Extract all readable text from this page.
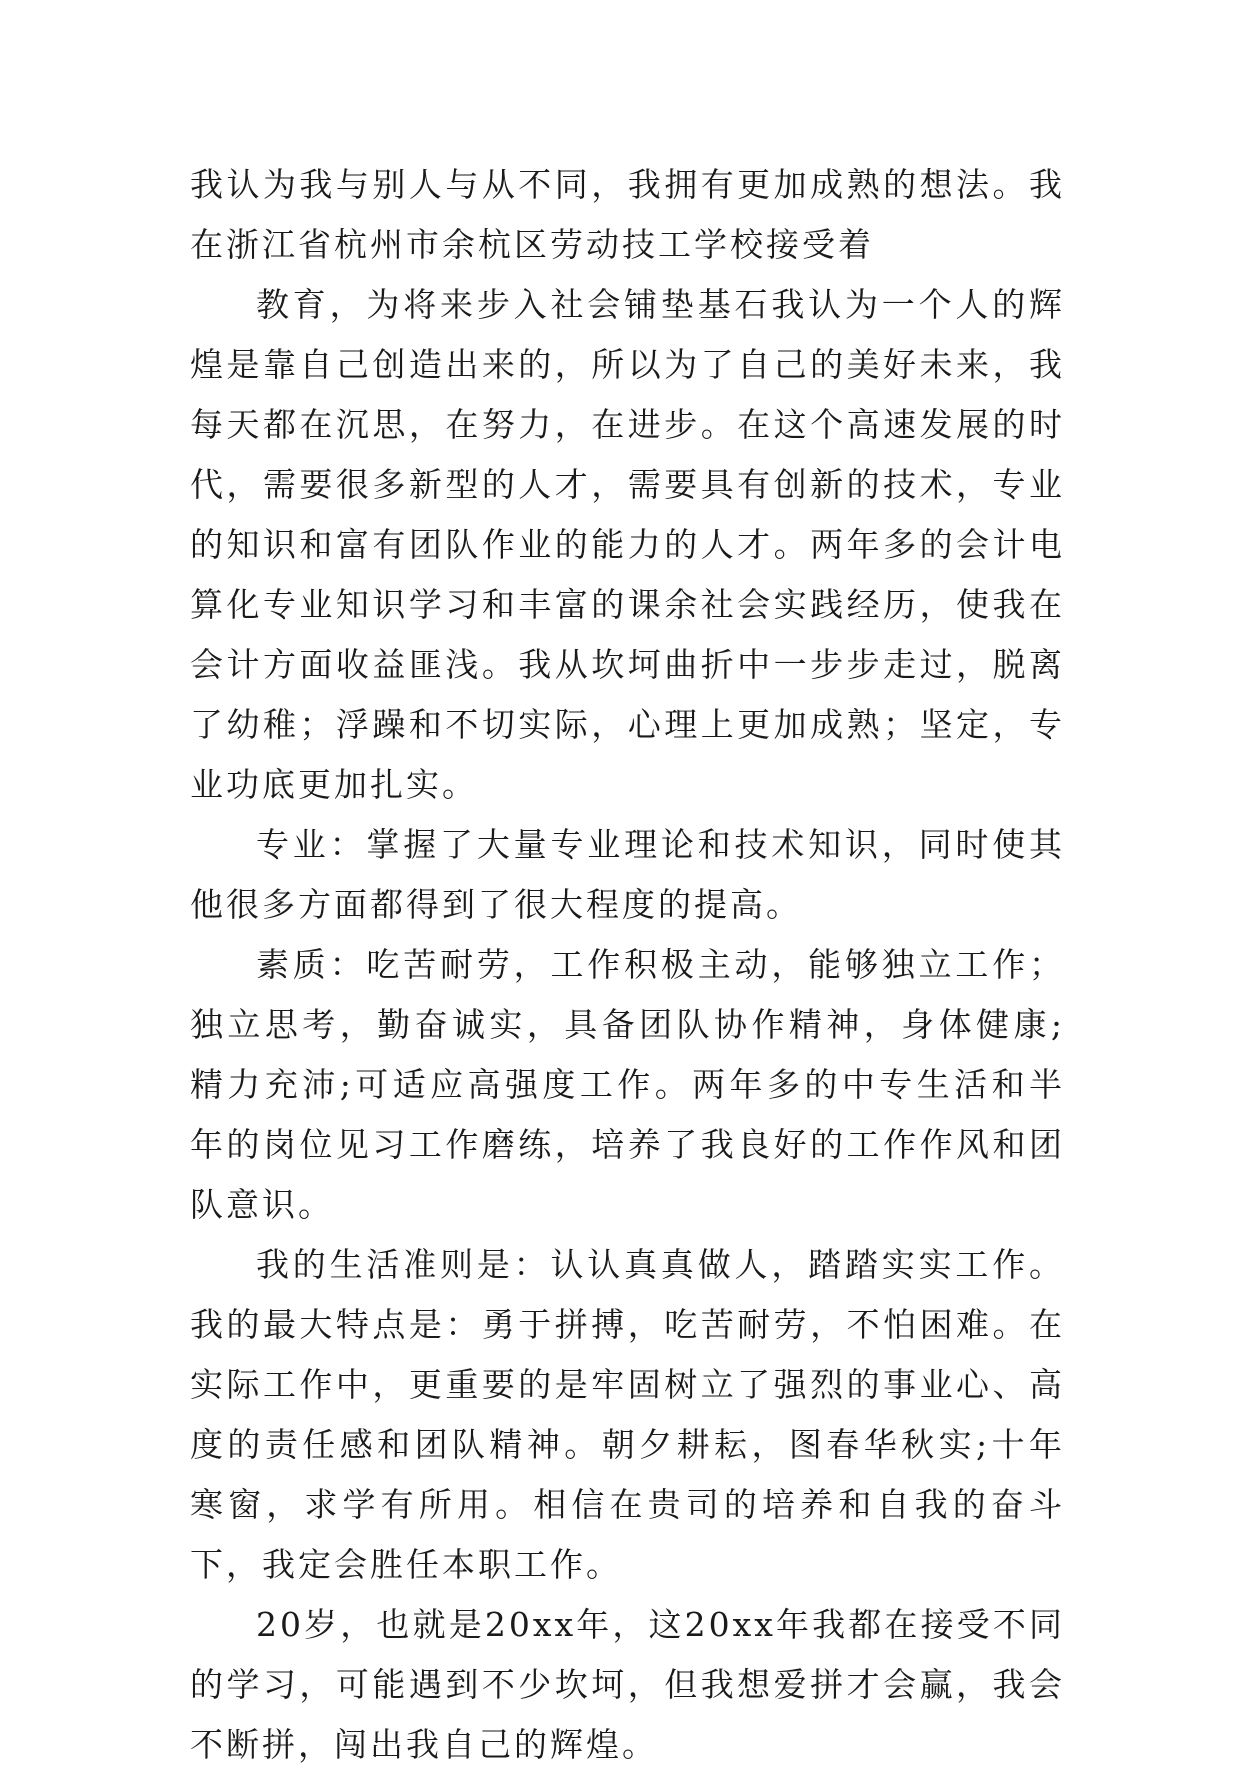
我认为我与别人与从不同，我拥有更加成熟的想法。我在浙江省杭州市余杭区劳动技工学校接受着

教育，为将来步入社会铺垫基石我认为一个人的辉煌是靠自己创造出来的，所以为了自己的美好未来，我每天都在沉思，在努力，在进步。在这个高速发展的时代，需要很多新型的人才，需要具有创新的技术，专业的知识和富有团队作业的能力的人才。两年多的会计电算化专业知识学习和丰富的课余社会实践经历，使我在会计方面收益匪浅。我从坎坷曲折中一步步走过，脱离了幼稚；浮躁和不切实际，心理上更加成熟；坚定，专业功底更加扎实。

专业：掌握了大量专业理论和技术知识，同时使其他很多方面都得到了很大程度的提高。

素质：吃苦耐劳，工作积极主动，能够独立工作；独立思考，勤奋诚实，具备团队协作精神，身体健康;精力充沛;可适应高强度工作。两年多的中专生活和半年的岗位见习工作磨练，培养了我良好的工作作风和团队意识。

我的生活准则是：认认真真做人，踏踏实实工作。我的最大特点是：勇于拼搏，吃苦耐劳，不怕困难。在实际工作中，更重要的是牢固树立了强烈的事业心、高度的责任感和团队精神。朝夕耕耘，图春华秋实;十年寒窗，求学有所用。相信在贵司的培养和自我的奋斗下，我定会胜任本职工作。

20岁，也就是20xx年，这20xx年我都在接受不同的学习，可能遇到不少坎坷，但我想爱拼才会赢，我会不断拼，闯出我自己的辉煌。
